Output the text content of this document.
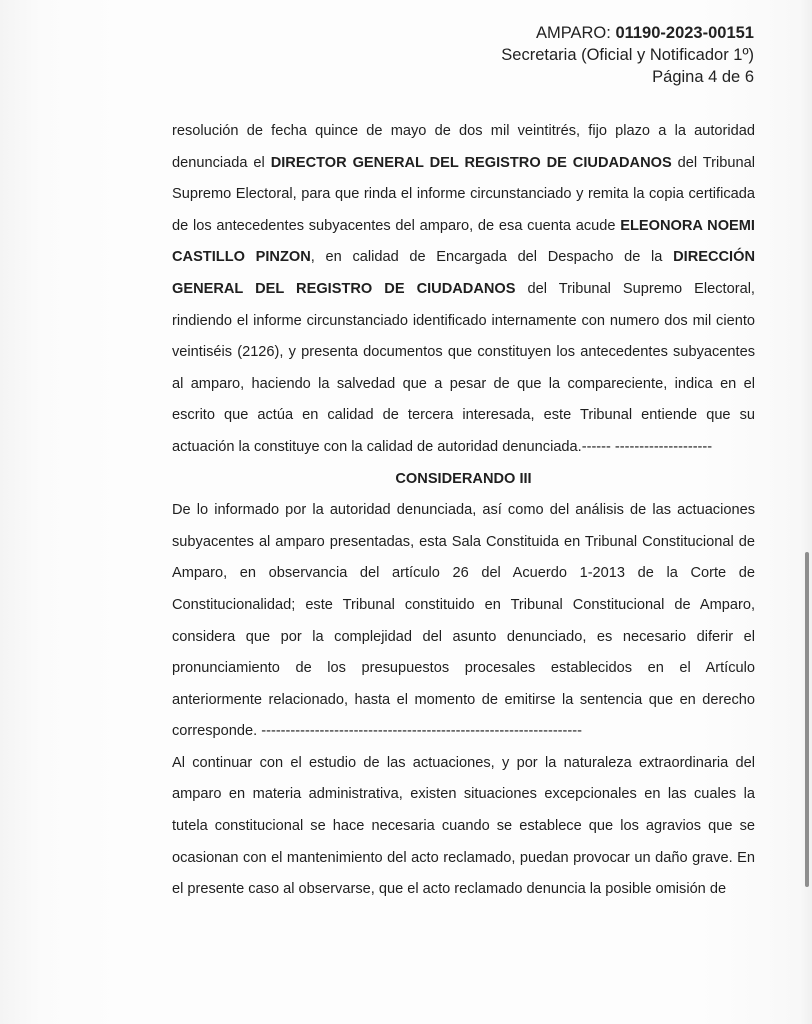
AMPARO: 01190-2023-00151
Secretaria (Oficial y Notificador 1º)
Página 4 de 6

resolución de fecha quince de mayo de dos mil veintitrés, fijo plazo a la autoridad denunciada el DIRECTOR GENERAL DEL REGISTRO DE CIUDADANOS del Tribunal Supremo Electoral, para que rinda el informe circunstanciado y remita la copia certificada de los antecedentes subyacentes del amparo, de esa cuenta acude ELEONORA NOEMI CASTILLO PINZON, en calidad de Encargada del Despacho de la DIRECCIÓN GENERAL DEL REGISTRO DE CIUDADANOS del Tribunal Supremo Electoral, rindiendo el informe circunstanciado identificado internamente con numero dos mil ciento veintiséis (2126), y presenta documentos que constituyen los antecedentes subyacentes al amparo, haciendo la salvedad que a pesar de que la compareciente, indica en el escrito que actúa en calidad de tercera interesada, este Tribunal entiende que su actuación la constituye con la calidad de autoridad denunciada.------ --------------------

CONSIDERANDO III

De lo informado por la autoridad denunciada, así como del análisis de las actuaciones subyacentes al amparo presentadas, esta Sala Constituida en Tribunal Constitucional de Amparo, en observancia del artículo 26 del Acuerdo 1-2013 de la Corte de Constitucionalidad; este Tribunal constituido en Tribunal Constitucional de Amparo, considera que por la complejidad del asunto denunciado, es necesario diferir el pronunciamiento de los presupuestos procesales establecidos en el Artículo anteriormente relacionado, hasta el momento de emitirse la sentencia que en derecho corresponde. ------------------------------------------------------------------

Al continuar con el estudio de las actuaciones, y por la naturaleza extraordinaria del amparo en materia administrativa, existen situaciones excepcionales en las cuales la tutela constitucional se hace necesaria cuando se establece que los agravios que se ocasionan con el mantenimiento del acto reclamado, puedan provocar un daño grave. En el presente caso al observarse, que el acto reclamado denuncia la posible omisión de
